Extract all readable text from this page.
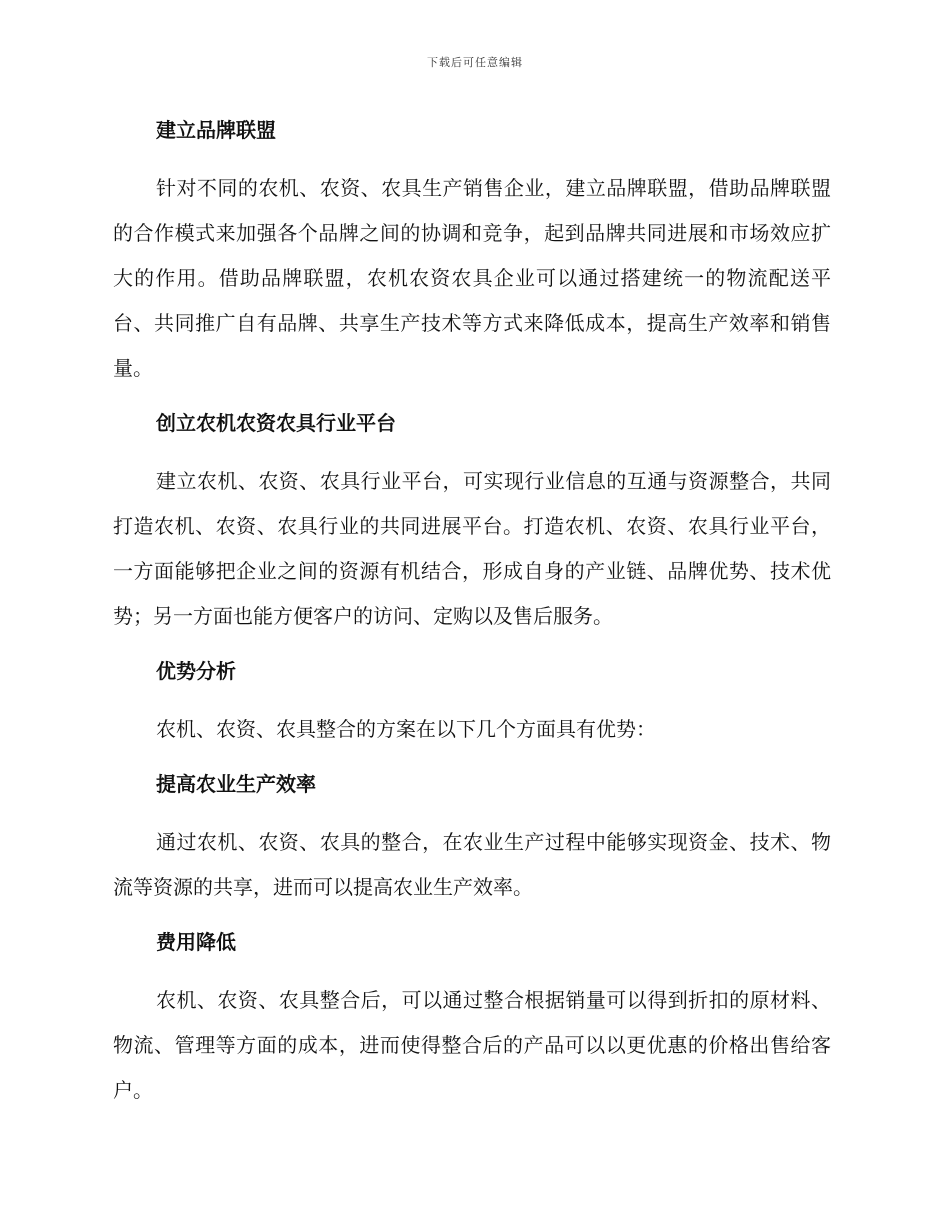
下载后可任意编辑
建立品牌联盟

针对不同的农机、农资、农具生产销售企业，建立品牌联盟，借助品牌联盟的合作模式来加强各个品牌之间的协调和竞争，起到品牌共同进展和市场效应扩大的作用。借助品牌联盟，农机农资农具企业可以通过搭建统一的物流配送平台、共同推广自有品牌、共享生产技术等方式来降低成本，提高生产效率和销售量。

创立农机农资农具行业平台

建立农机、农资、农具行业平台，可实现行业信息的互通与资源整合，共同打造农机、农资、农具行业的共同进展平台。打造农机、农资、农具行业平台，一方面能够把企业之间的资源有机结合，形成自身的产业链、品牌优势、技术优势；另一方面也能方便客户的访问、定购以及售后服务。

优势分析

农机、农资、农具整合的方案在以下几个方面具有优势：

提高农业生产效率

通过农机、农资、农具的整合，在农业生产过程中能够实现资金、技术、物流等资源的共享，进而可以提高农业生产效率。

费用降低

农机、农资、农具整合后，可以通过整合根据销量可以得到折扣的原材料、物流、管理等方面的成本，进而使得整合后的产品可以以更优惠的价格出售给客户。
